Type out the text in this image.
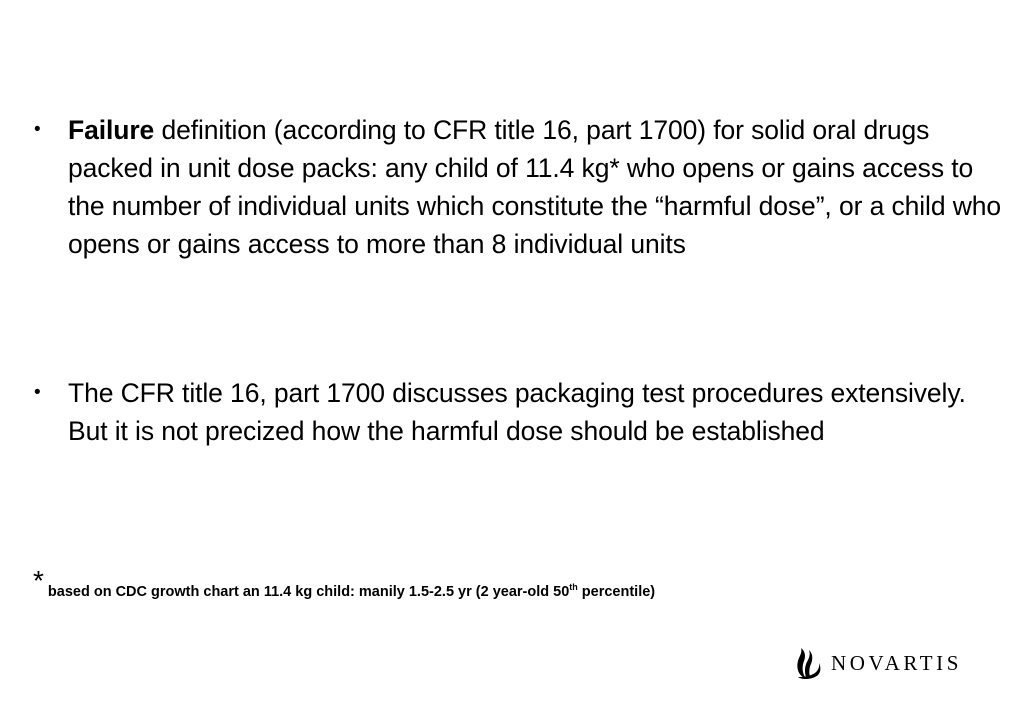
•	Failure definition (according to CFR title 16, part 1700) for solid oral drugs packed in unit dose packs: any child of 11.4 kg* who opens or gains access to the number of individual units which constitute the “harmful dose”, or a child who opens or gains access to more than 8 individual units
•	The CFR title 16, part 1700 discusses packaging test procedures extensively. But it is not precized how the harmful dose should be established
* based on CDC growth chart an 11.4 kg child: manily 1.5-2.5 yr (2 year-old 50th percentile)
NOVARTIS
